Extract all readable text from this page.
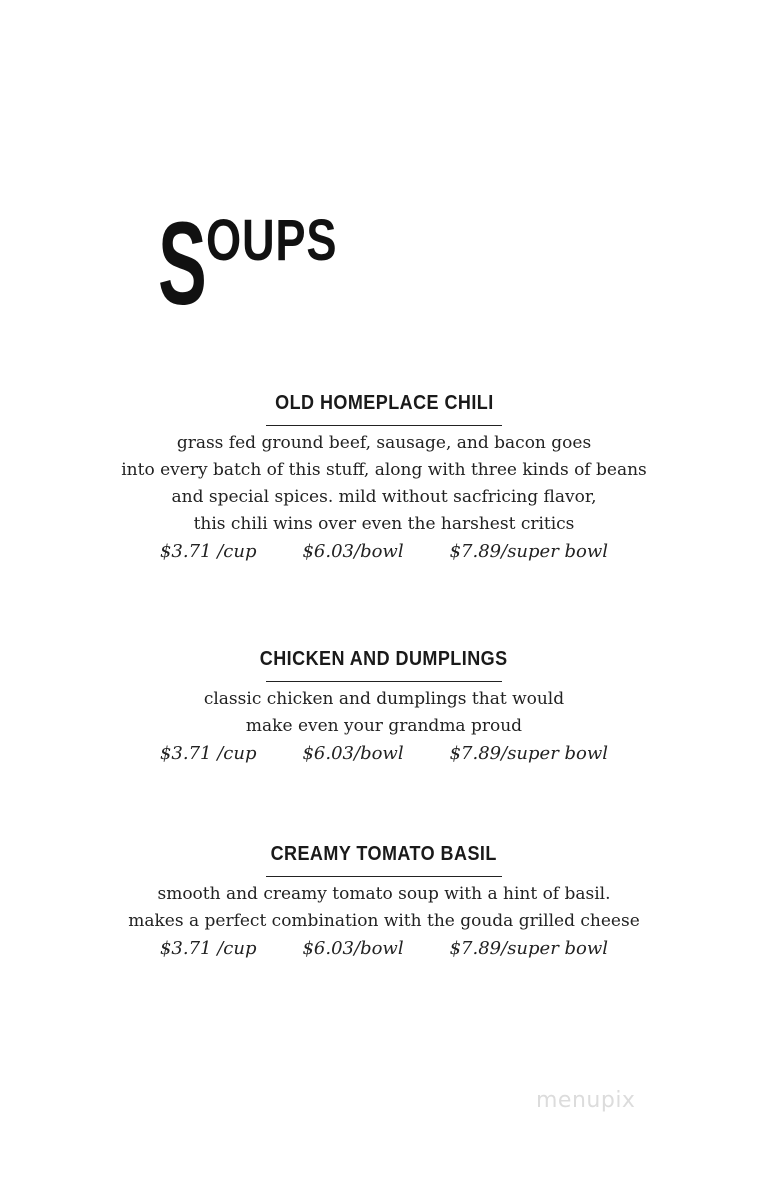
S OUPS
OLD HOMEPLACE CHILI

grass fed ground beef, sausage, and bacon goes

into every batch of this stuff, along with three kinds of beans

and special spices. mild without sacfricing flavor,

this chili wins over even the harshest critics

$3.71 /cup	$6.03/bowl	$7.89/super bowl
CHICKEN AND DUMPLINGS

classic chicken and dumplings that would

make even your grandma proud

$3.71 /cup	$6.03/bowl	$7.89/super bowl
CREAMY TOMATO BASIL

smooth and creamy tomato soup with a hint of basil.

makes a perfect combination with the gouda grilled cheese

$3.71 /cup	$6.03/bowl	$7.89/super bowl
menupix
